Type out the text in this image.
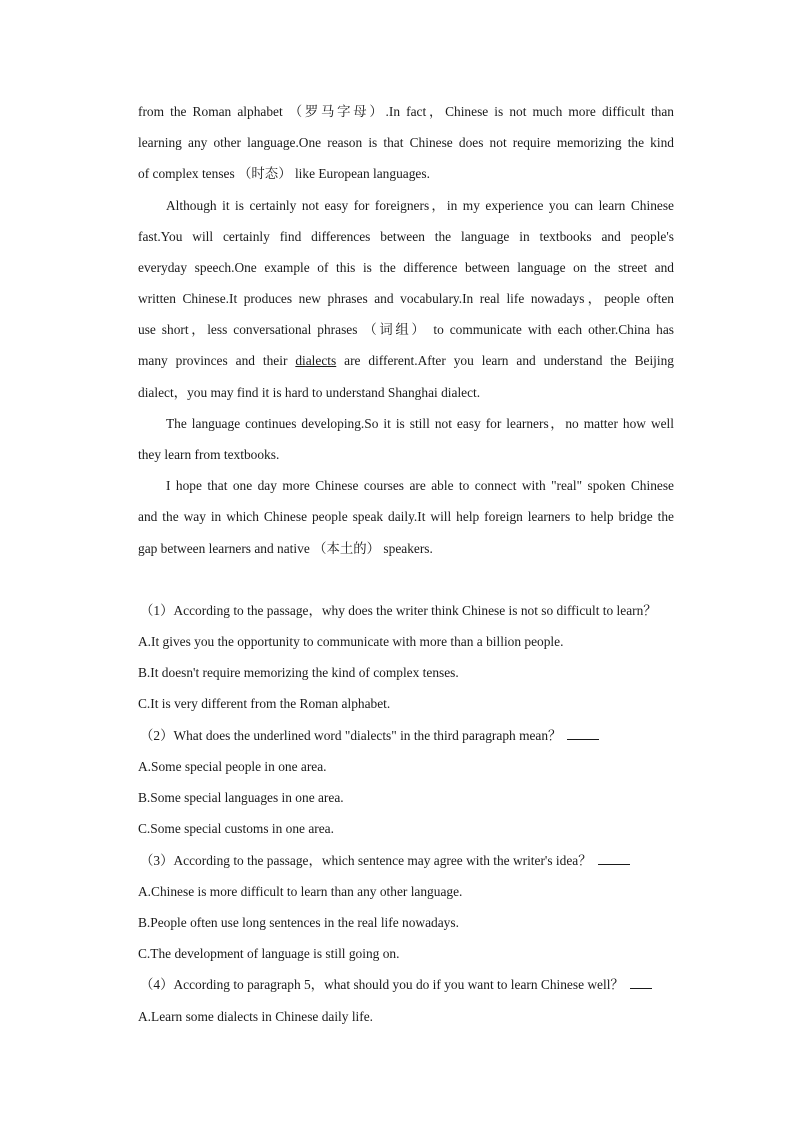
from the Roman alphabet （罗马字母）.In fact，Chinese is not much more difficult than
learning any other language.One reason is that Chinese does not require memorizing the kind
of complex tenses （时态） like European languages.
Although it is certainly not easy for foreigners，in my experience you can learn Chinese
fast.You will certainly find differences between the language in textbooks and people's
everyday speech.One example of this is the difference between language on the street and
written Chinese.It produces new phrases and vocabulary.In real life nowadays，people often
use short，less conversational phrases （词组） to communicate with each other.China has
many provinces and their dialects are different.After you learn and understand the Beijing
dialect，you may find it is hard to understand Shanghai dialect.
The language continues developing.So it is still not easy for learners，no matter how well
they learn from textbooks.
I hope that one day more Chinese courses are able to connect with "real" spoken Chinese
and the way in which Chinese people speak daily.It will help foreign learners to help bridge the
gap between learners and native （本土的） speakers.
（1）According to the passage，why does the writer think Chinese is not so difficult to learn？
A.It gives you the opportunity to communicate with more than a billion people.
B.It doesn't require memorizing the kind of complex tenses.
C.It is very different from the Roman alphabet.
（2）What does the underlined word "dialects" in the third paragraph mean？
A.Some special people in one area.
B.Some special languages in one area.
C.Some special customs in one area.
（3）According to the passage，which sentence may agree with the writer's idea？
A.Chinese is more difficult to learn than any other language.
B.People often use long sentences in the real life nowadays.
C.The development of language is still going on.
（4）According to paragraph 5，what should you do if you want to learn Chinese well？
A.Learn some dialects in Chinese daily life.
